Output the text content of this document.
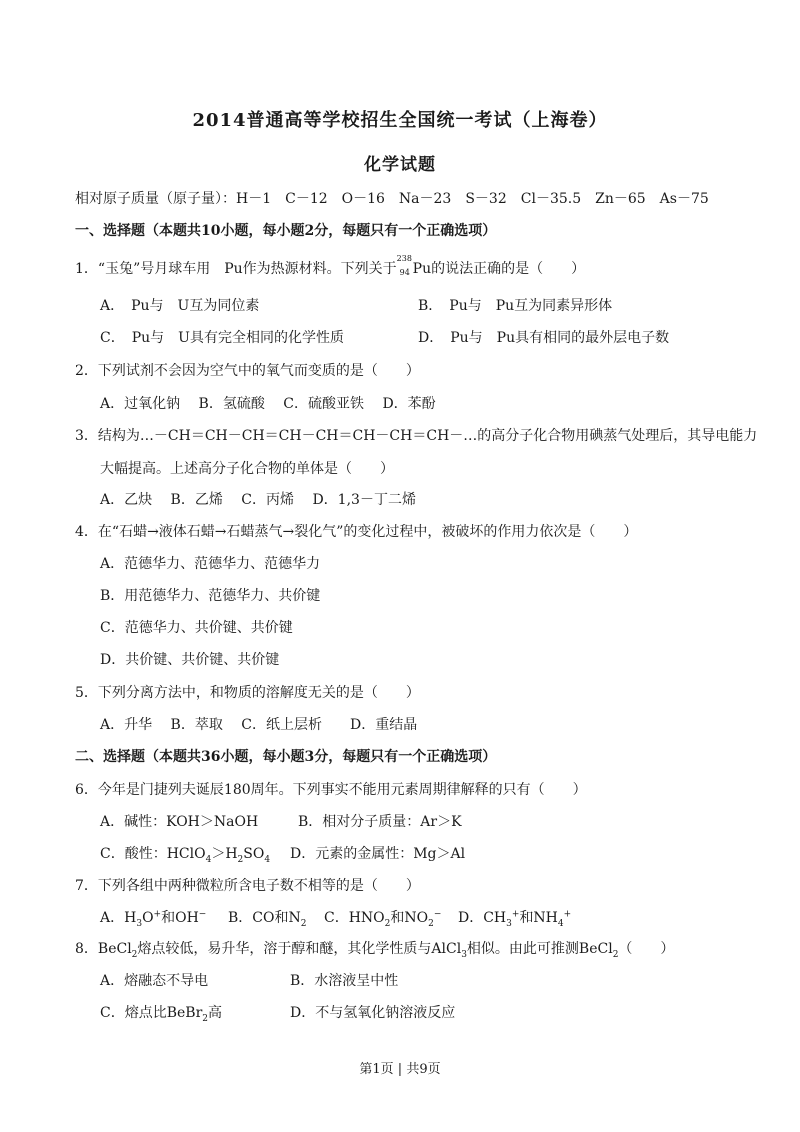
2014普通高等学校招生全国统一考试（上海卷）
化学试题
相对原子质量（原子量）：H－1　C－12　O－16　Na－23　S－32　Cl－35.5　Zn－65　As－75
一、选择题（本题共10小题，每小题2分，每题只有一个正确选项）
1．“玉兔”号月球车用　Pu作为热源材料。下列关于
238
94 Pu的说法正确的是（　　）
A．　Pu与　U互为同位素	B．　Pu与　Pu互为同素异形体
C．　Pu与　U具有完全相同的化学性质	D．　Pu与　Pu具有相同的最外层电子数
2．下列试剂不会因为空气中的氧气而变质的是（　　）
A．过氧化钠　 B．氢硫酸　 C．硫酸亚铁　 D．苯酚
3．结构为…－CH＝CH－CH＝CH－CH＝CH－CH＝CH－…的高分子化合物用碘蒸气处理后，其导电能力
大幅提高。上述高分子化合物的单体是（　　）
A．乙炔　 B．乙烯　 C．丙烯　 D．1,3－丁二烯
4．在“石蜡→液体石蜡→石蜡蒸气→裂化气”的变化过程中，被破坏的作用力依次是（　　）
A．范德华力、范德华力、范德华力
B．用范德华力、范德华力、共价键
C．范德华力、共价键、共价键
D．共价键、共价键、共价键
5．下列分离方法中，和物质的溶解度无关的是（　　）
A．升华　 B．萃取　 C．纸上层析　　D．重结晶
二、选择题（本题共36小题，每小题3分，每题只有一个正确选项）
6．今年是门捷列夫诞辰180周年。下列事实不能用元素周期律解释的只有（　　）
A．碱性：KOH＞NaOH	B．相对分子质量：Ar＞K
C．酸性：$HClO_4>H_2SO_4$ D．元素的金属性：Mg＞Al
7．下列各组中两种微粒所含电子数不相等的是（　　）
A．$H_3O^+$和OH− B．CO和$N_2$ C．$HNO_2$和$NO_2^-$ D．$CH_3^+$和$NH_4^+$
8．BeCl$_2$熔点较低，易升华，溶于醇和醚，其化学性质与AlCl$_3$相似。由此可推测BeCl$_2$（　　）
A．熔融态不导电	B．水溶液呈中性
C．熔点比BeBr$_2$高	D．不与氢氧化钠溶液反应
第1页 | 共9页
